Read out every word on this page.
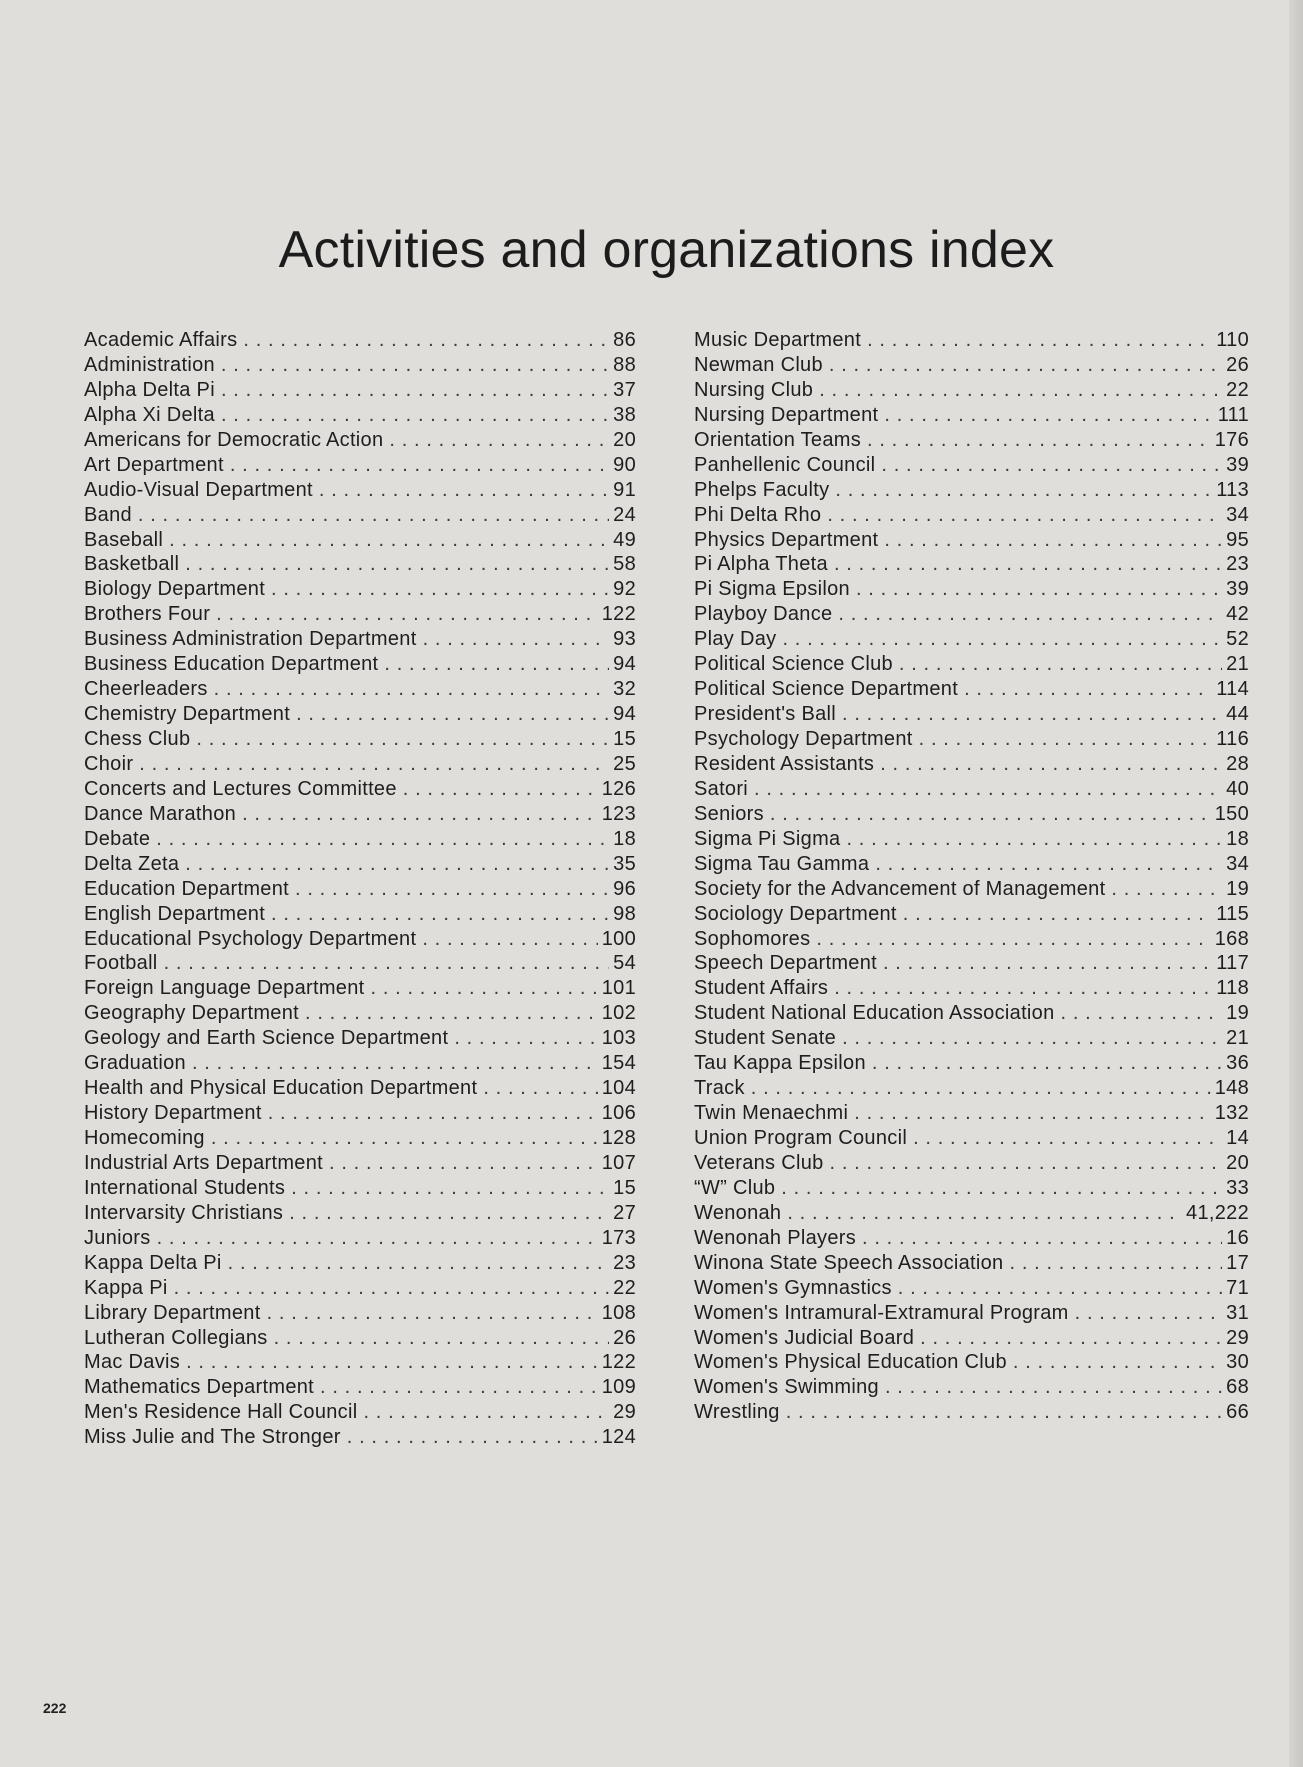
Activities and organizations index
Academic Affairs . . .	86
Administration . . .	88
Alpha Delta Pi . . .	37
Alpha Xi Delta . . .	38
Americans for Democratic Action . . .	20
Art Department . . .	90
Audio-Visual Department . . .	91
Band . . .	24
Baseball . . .	49
Basketball . . .	58
Biology Department . . .	92
Brothers Four . . .	122
Business Administration Department . . .	93
Business Education Department . . .	94
Cheerleaders . . .	32
Chemistry Department . . .	94
Chess Club . . .	15
Choir . . .	25
Concerts and Lectures Committee . . .	126
Dance Marathon . . .	123
Debate . . .	18
Delta Zeta . . .	35
Education Department . . .	96
English Department . . .	98
Educational Psychology Department . . .	100
Football . . .	54
Foreign Language Department . . .	101
Geography Department . . .	102
Geology and Earth Science Department . . .	103
Graduation . . .	154
Health and Physical Education Department . . .	104
History Department . . .	106
Homecoming . . .	128
Industrial Arts Department . . .	107
International Students . . .	15
Intervarsity Christians . . .	27
Juniors . . .	173
Kappa Delta Pi . . .	23
Kappa Pi . . .	22
Library Department . . .	108
Lutheran Collegians . . .	26
Mac Davis . . .	122
Mathematics Department . . .	109
Men's Residence Hall Council . . .	29
Miss Julie and The Stronger . . .	124
Music Department . . .	110
Newman Club . . .	26
Nursing Club . . .	22
Nursing Department . . .	111
Orientation Teams . . .	176
Panhellenic Council . . .	39
Phelps Faculty . . .	113
Phi Delta Rho . . .	34
Physics Department . . .	95
Pi Alpha Theta . . .	23
Pi Sigma Epsilon . . .	39
Playboy Dance . . .	42
Play Day . . .	52
Political Science Club . . .	21
Political Science Department . . .	114
President's Ball . . .	44
Psychology Department . . .	116
Resident Assistants . . .	28
Satori . . .	40
Seniors . . .	150
Sigma Pi Sigma . . .	18
Sigma Tau Gamma . . .	34
Society for the Advancement of Management . . .	19
Sociology Department . . .	115
Sophomores . . .	168
Speech Department . . .	117
Student Affairs . . .	118
Student National Education Association . . .	19
Student Senate . . .	21
Tau Kappa Epsilon . . .	36
Track . . .	148
Twin Menaechmi . . .	132
Union Program Council . . .	14
Veterans Club . . .	20
“W” Club . . .	33
Wenonah . . .	41,222
Wenonah Players . . .	16
Winona State Speech Association . . .	17
Women's Gymnastics . . .	71
Women's Intramural-Extramural Program . . .	31
Women's Judicial Board . . .	29
Women's Physical Education Club . . .	30
Women's Swimming . . .	68
Wrestling . . .	66
222
